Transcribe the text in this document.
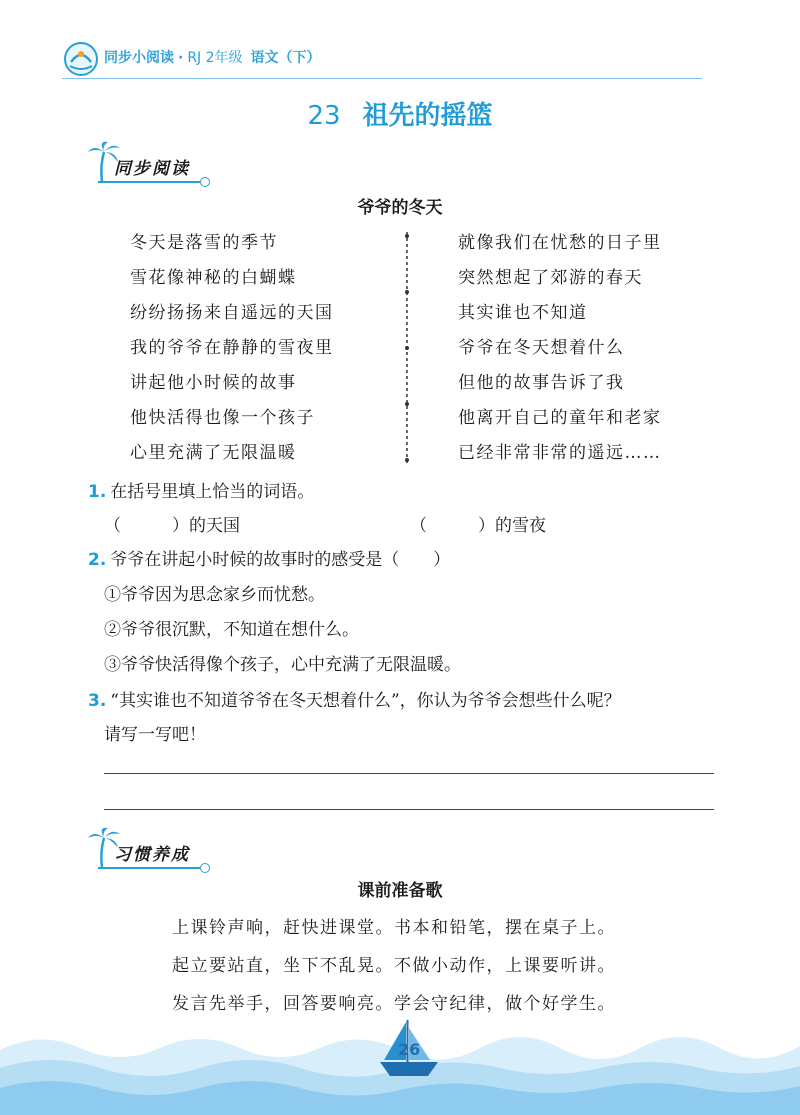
同步小阅读 · RJ 2年级 语文（下）
23 祖先的摇篮
同步阅读
爷爷的冬天
冬天是落雪的季节
雪花像神秘的白蝴蝶
纷纷扬扬来自遥远的天国
我的爷爷在静静的雪夜里
讲起他小时候的故事
他快活得也像一个孩子
心里充满了无限温暖
就像我们在忧愁的日子里
突然想起了郊游的春天
其实谁也不知道
爷爷在冬天想着什么
但他的故事告诉了我
他离开自己的童年和老家
已经非常非常的遥远……
1. 在括号里填上恰当的词语。
（　　　）的天国	（　　　）的雪夜
2. 爷爷在讲起小时候的故事时的感受是（　　）
①爷爷因为思念家乡而忧愁。
②爷爷很沉默，不知道在想什么。
③爷爷快活得像个孩子，心中充满了无限温暖。
3. “其实谁也不知道爷爷在冬天想着什么”，你认为爷爷会想些什么呢？
请写一写吧！
习惯养成
课前准备歌
上课铃声响，赶快进课堂。书本和铅笔，摆在桌子上。
起立要站直，坐下不乱晃。不做小动作，上课要听讲。
发言先举手，回答要响亮。学会守纪律，做个好学生。
26
